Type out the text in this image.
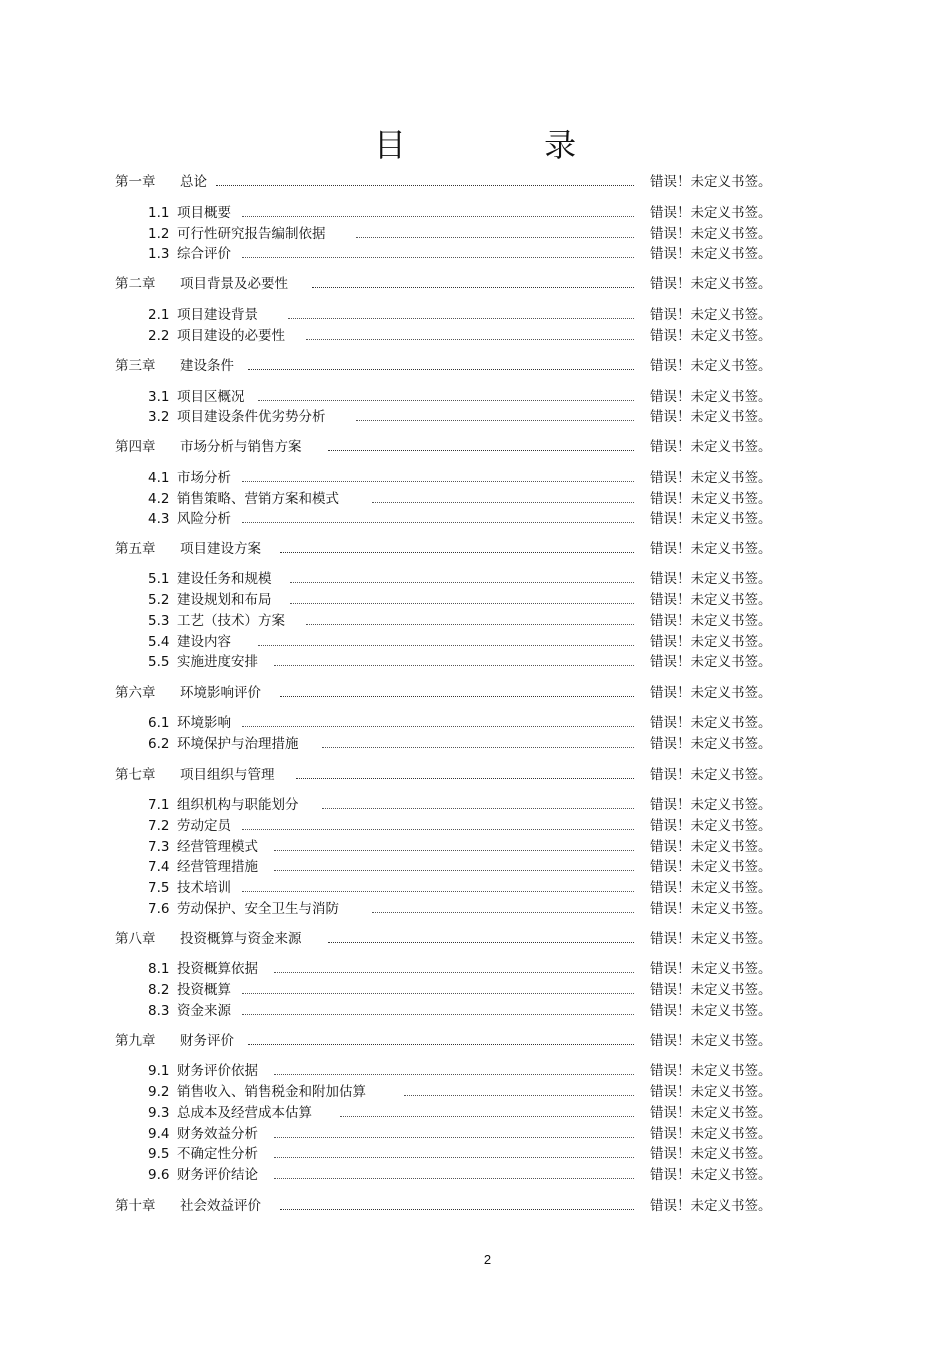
目 录
第一章 总论	错误！未定义书签。
1.1 项目概要	错误！未定义书签。
1.2 可行性研究报告编制依据	错误！未定义书签。
1.3 综合评价	错误！未定义书签。
第二章 项目背景及必要性	错误！未定义书签。
2.1 项目建设背景	错误！未定义书签。
2.2 项目建设的必要性	错误！未定义书签。
第三章 建设条件	错误！未定义书签。
3.1 项目区概况	错误！未定义书签。
3.2 项目建设条件优劣势分析	错误！未定义书签。
第四章 市场分析与销售方案	错误！未定义书签。
4.1 市场分析	错误！未定义书签。
4.2 销售策略、营销方案和模式	错误！未定义书签。
4.3 风险分析	错误！未定义书签。
第五章 项目建设方案	错误！未定义书签。
5.1 建设任务和规模	错误！未定义书签。
5.2 建设规划和布局	错误！未定义书签。
5.3 工艺（技术）方案	错误！未定义书签。
5.4 建设内容	错误！未定义书签。
5.5 实施进度安排	错误！未定义书签。
第六章 环境影响评价	错误！未定义书签。
6.1 环境影响	错误！未定义书签。
6.2 环境保护与治理措施	错误！未定义书签。
第七章 项目组织与管理	错误！未定义书签。
7.1 组织机构与职能划分	错误！未定义书签。
7.2 劳动定员	错误！未定义书签。
7.3 经营管理模式	错误！未定义书签。
7.4 经营管理措施	错误！未定义书签。
7.5 技术培训	错误！未定义书签。
7.6 劳动保护、安全卫生与消防	错误！未定义书签。
第八章 投资概算与资金来源	错误！未定义书签。
8.1 投资概算依据	错误！未定义书签。
8.2 投资概算	错误！未定义书签。
8.3 资金来源	错误！未定义书签。
第九章 财务评价	错误！未定义书签。
9.1 财务评价依据	错误！未定义书签。
9.2 销售收入、销售税金和附加估算	错误！未定义书签。
9.3 总成本及经营成本估算	错误！未定义书签。
9.4 财务效益分析	错误！未定义书签。
9.5 不确定性分析	错误！未定义书签。
9.6 财务评价结论	错误！未定义书签。
第十章 社会效益评价	错误！未定义书签。
2
